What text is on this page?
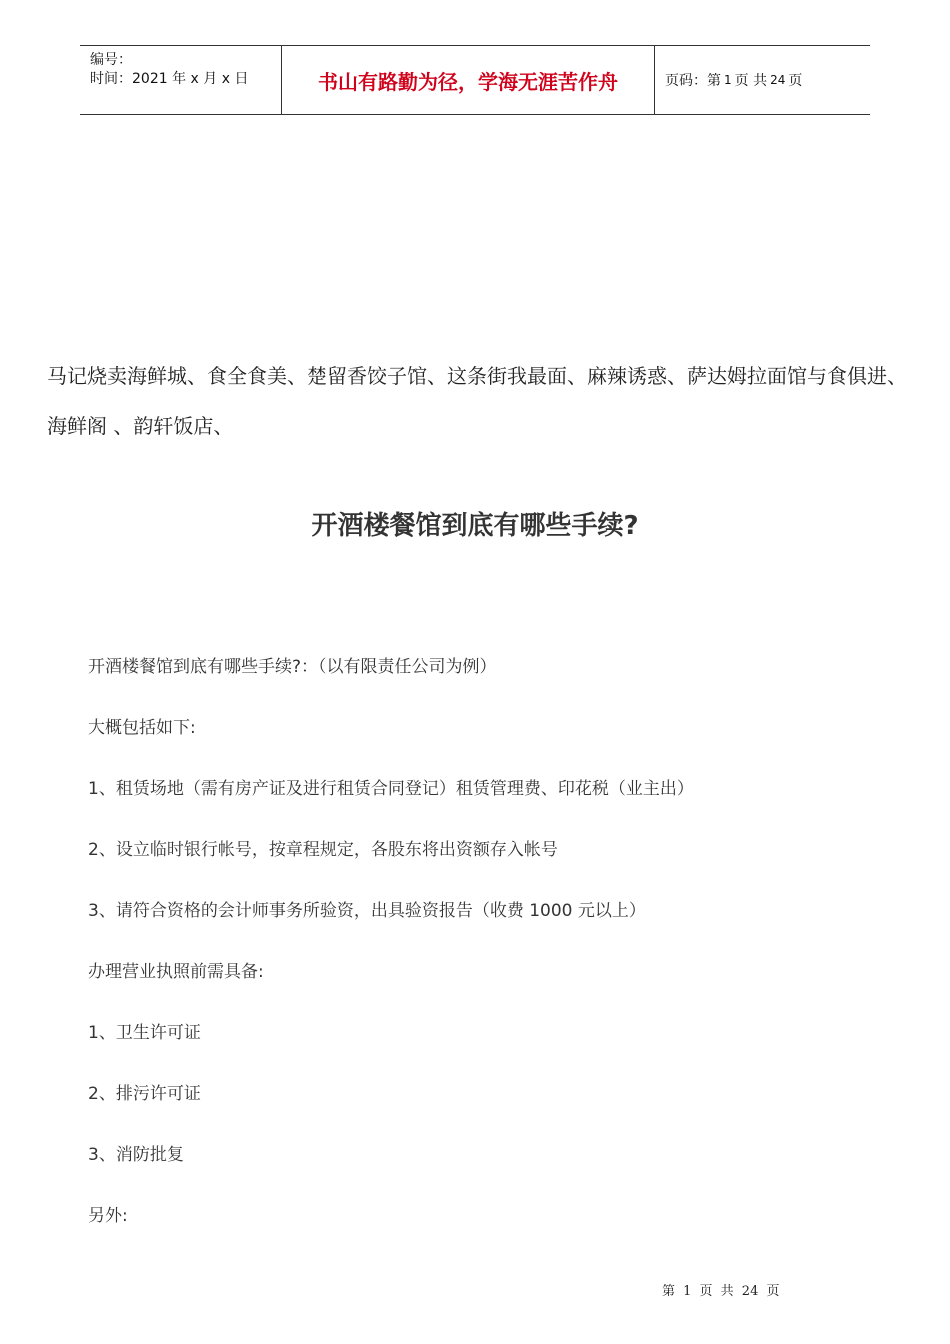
编号：
时间：2021 年 x 月 x 日	书山有路勤为径，学海无涯苦作舟	页码：第 1 页 共 24 页

马记烧卖海鲜城、食全食美、楚留香饺子馆、这条街我最面、麻辣诱惑、萨达姆拉面馆与食俱进、海鲜阁 、韵轩饭店、

开酒楼餐馆到底有哪些手续?

开酒楼餐馆到底有哪些手续?：（以有限责任公司为例）

大概包括如下:

1、租赁场地（需有房产证及进行租赁合同登记）租赁管理费、印花税（业主出）

2、设立临时银行帐号，按章程规定，各股东将出资额存入帐号

3、请符合资格的会计师事务所验资，出具验资报告（收费 1000 元以上）

办理营业执照前需具备:

1、卫生许可证

2、排污许可证

3、消防批复

另外:

第 1 页 共 24 页
